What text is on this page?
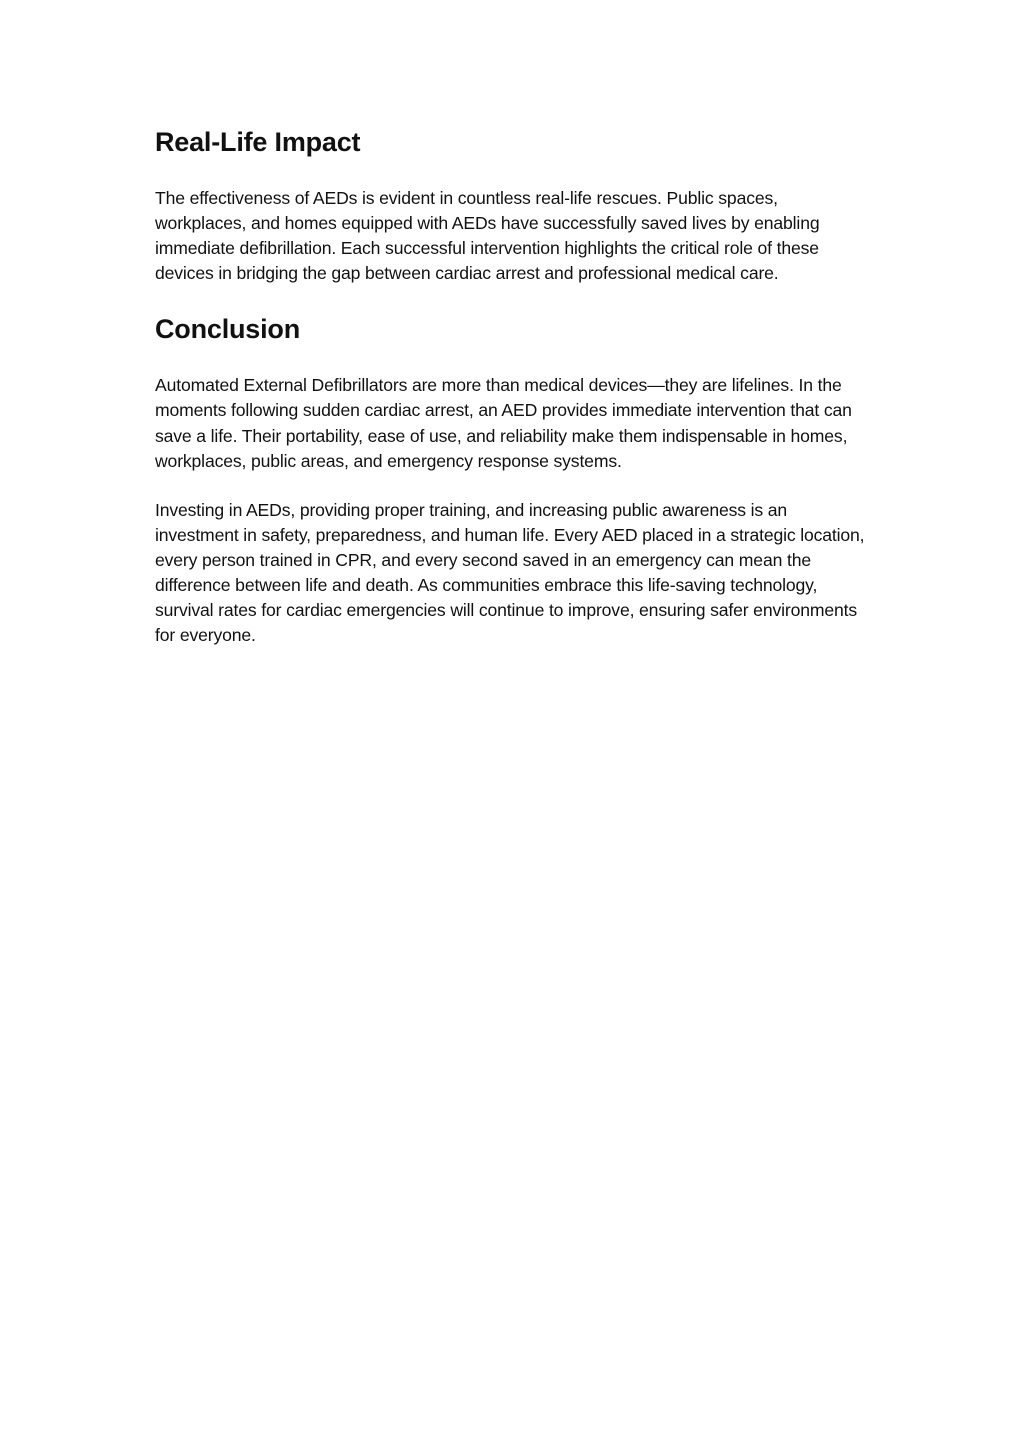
Real-Life Impact

The effectiveness of AEDs is evident in countless real-life rescues. Public spaces, workplaces, and homes equipped with AEDs have successfully saved lives by enabling immediate defibrillation. Each successful intervention highlights the critical role of these devices in bridging the gap between cardiac arrest and professional medical care.

Conclusion

Automated External Defibrillators are more than medical devices—they are lifelines. In the moments following sudden cardiac arrest, an AED provides immediate intervention that can save a life. Their portability, ease of use, and reliability make them indispensable in homes, workplaces, public areas, and emergency response systems.

Investing in AEDs, providing proper training, and increasing public awareness is an investment in safety, preparedness, and human life. Every AED placed in a strategic location, every person trained in CPR, and every second saved in an emergency can mean the difference between life and death. As communities embrace this life-saving technology, survival rates for cardiac emergencies will continue to improve, ensuring safer environments for everyone.
